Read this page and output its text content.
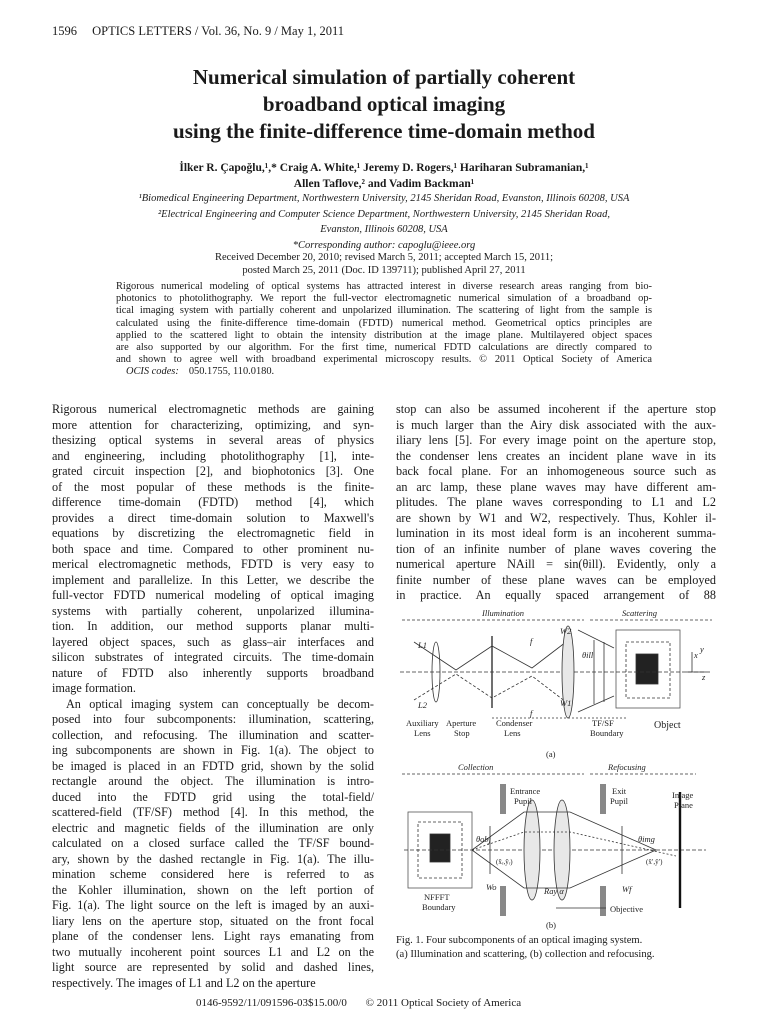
1596 OPTICS LETTERS / Vol. 36, No. 9 / May 1, 2011
Numerical simulation of partially coherent
broadband optical imaging
using the finite-difference time-domain method
İlker R. Çapoğlu,¹,* Craig A. White,¹ Jeremy D. Rogers,¹ Hariharan Subramanian,¹
Allen Taflove,² and Vadim Backman¹
¹Biomedical Engineering Department, Northwestern University, 2145 Sheridan Road, Evanston, Illinois 60208, USA
²Electrical Engineering and Computer Science Department, Northwestern University, 2145 Sheridan Road,
Evanston, Illinois 60208, USA
*Corresponding author: capoglu@ieee.org
Received December 20, 2010; revised March 5, 2011; accepted March 15, 2011;
posted March 25, 2011 (Doc. ID 139711); published April 27, 2011
Rigorous numerical modeling of optical systems has attracted interest in diverse research areas ranging from bio-
photonics to photolithography. We report the full-vector electromagnetic numerical simulation of a broadband op-
tical imaging system with partially coherent and unpolarized illumination. The scattering of light from the sample is
calculated using the finite-difference time-domain (FDTD) numerical method. Geometrical optics principles are
applied to the scattered light to obtain the intensity distribution at the image plane. Multilayered object spaces
are also supported by our algorithm. For the first time, numerical FDTD calculations are directly compared to
and shown to agree well with broadband experimental microscopy results. © 2011 Optical Society of America
OCIS codes: 050.1755, 110.0180.
Rigorous numerical electromagnetic methods are gaining
more attention for characterizing, optimizing, and syn-
thesizing optical systems in several areas of physics
and engineering, including photolithography [1], inte-
grated circuit inspection [2], and biophotonics [3]. One
of the most popular of these methods is the finite-
difference time-domain (FDTD) method [4], which
provides a direct time-domain solution to Maxwell's
equations by discretizing the electromagnetic field in
both space and time. Compared to other prominent nu-
merical electromagnetic methods, FDTD is very easy to
implement and parallelize. In this Letter, we describe the
full-vector FDTD numerical modeling of optical imaging
systems with partially coherent, unpolarized illumina-
tion. In addition, our method supports planar multi-
layered object spaces, such as glass–air interfaces and
silicon substrates of integrated circuits. The time-domain
nature of FDTD also inherently supports broadband
image formation.
An optical imaging system can conceptually be decom-
posed into four subcomponents: illumination, scattering,
collection, and refocusing. The illumination and scatter-
ing subcomponents are shown in Fig. 1(a). The object to
be imaged is placed in an FDTD grid, shown by the solid
rectangle around the object. The illumination is intro-
duced into the FDTD grid using the total-field/
scattered-field (TF/SF) method [4]. In this method, the
electric and magnetic fields of the illumination are only
calculated on a closed surface called the TF/SF bound-
ary, shown by the dashed rectangle in Fig. 1(a). The illu-
mination scheme considered here is referred to as
the Kohler illumination, shown on the left portion of
Fig. 1(a). The light source on the left is imaged by an auxi-
liary lens on the aperture stop, situated on the front focal
plane of the condenser lens. Light rays emanating from
two mutually incoherent point sources L1 and L2 on the
light source are represented by solid and dashed lines,
respectively. The images of L1 and L2 on the aperture
stop can also be assumed incoherent if the aperture stop
is much larger than the Airy disk associated with the aux-
iliary lens [5]. For every image point on the aperture stop,
the condenser lens creates an incident plane wave in its
back focal plane. For an inhomogeneous source such as
an arc lamp, these plane waves may have different am-
plitudes. The plane waves corresponding to L1 and L2
are shown by W1 and W2, respectively. Thus, Kohler il-
lumination in its most ideal form is an incoherent summa-
tion of an infinite number of plane waves covering the
numerical aperture NAill = sin(θill). Evidently, only a
finite number of these plane waves can be employed
in practice. An equally spaced arrangement of 88
Illumination	Scattering
W2
W1
L1
L2
θill
f
f
x
y
z
Auxiliary
Lens
Aperture
Stop
Condenser
Lens
TF/SF
Boundary
Object
(a)
Collection	Refocusing
Entrance
Pupil
Exit
Pupil
Image
Plane
θobj	θimg
(x̂ᵣ,ŷᵣ)	(x̂′,ŷ′)
NFFFT
Boundary
Ray α
Wo	Wf
Objective
(b)
Fig. 1. Four subcomponents of an optical imaging system.
(a) Illumination and scattering, (b) collection and refocusing.
0146-9592/11/091596-03$15.00/0 © 2011 Optical Society of America
